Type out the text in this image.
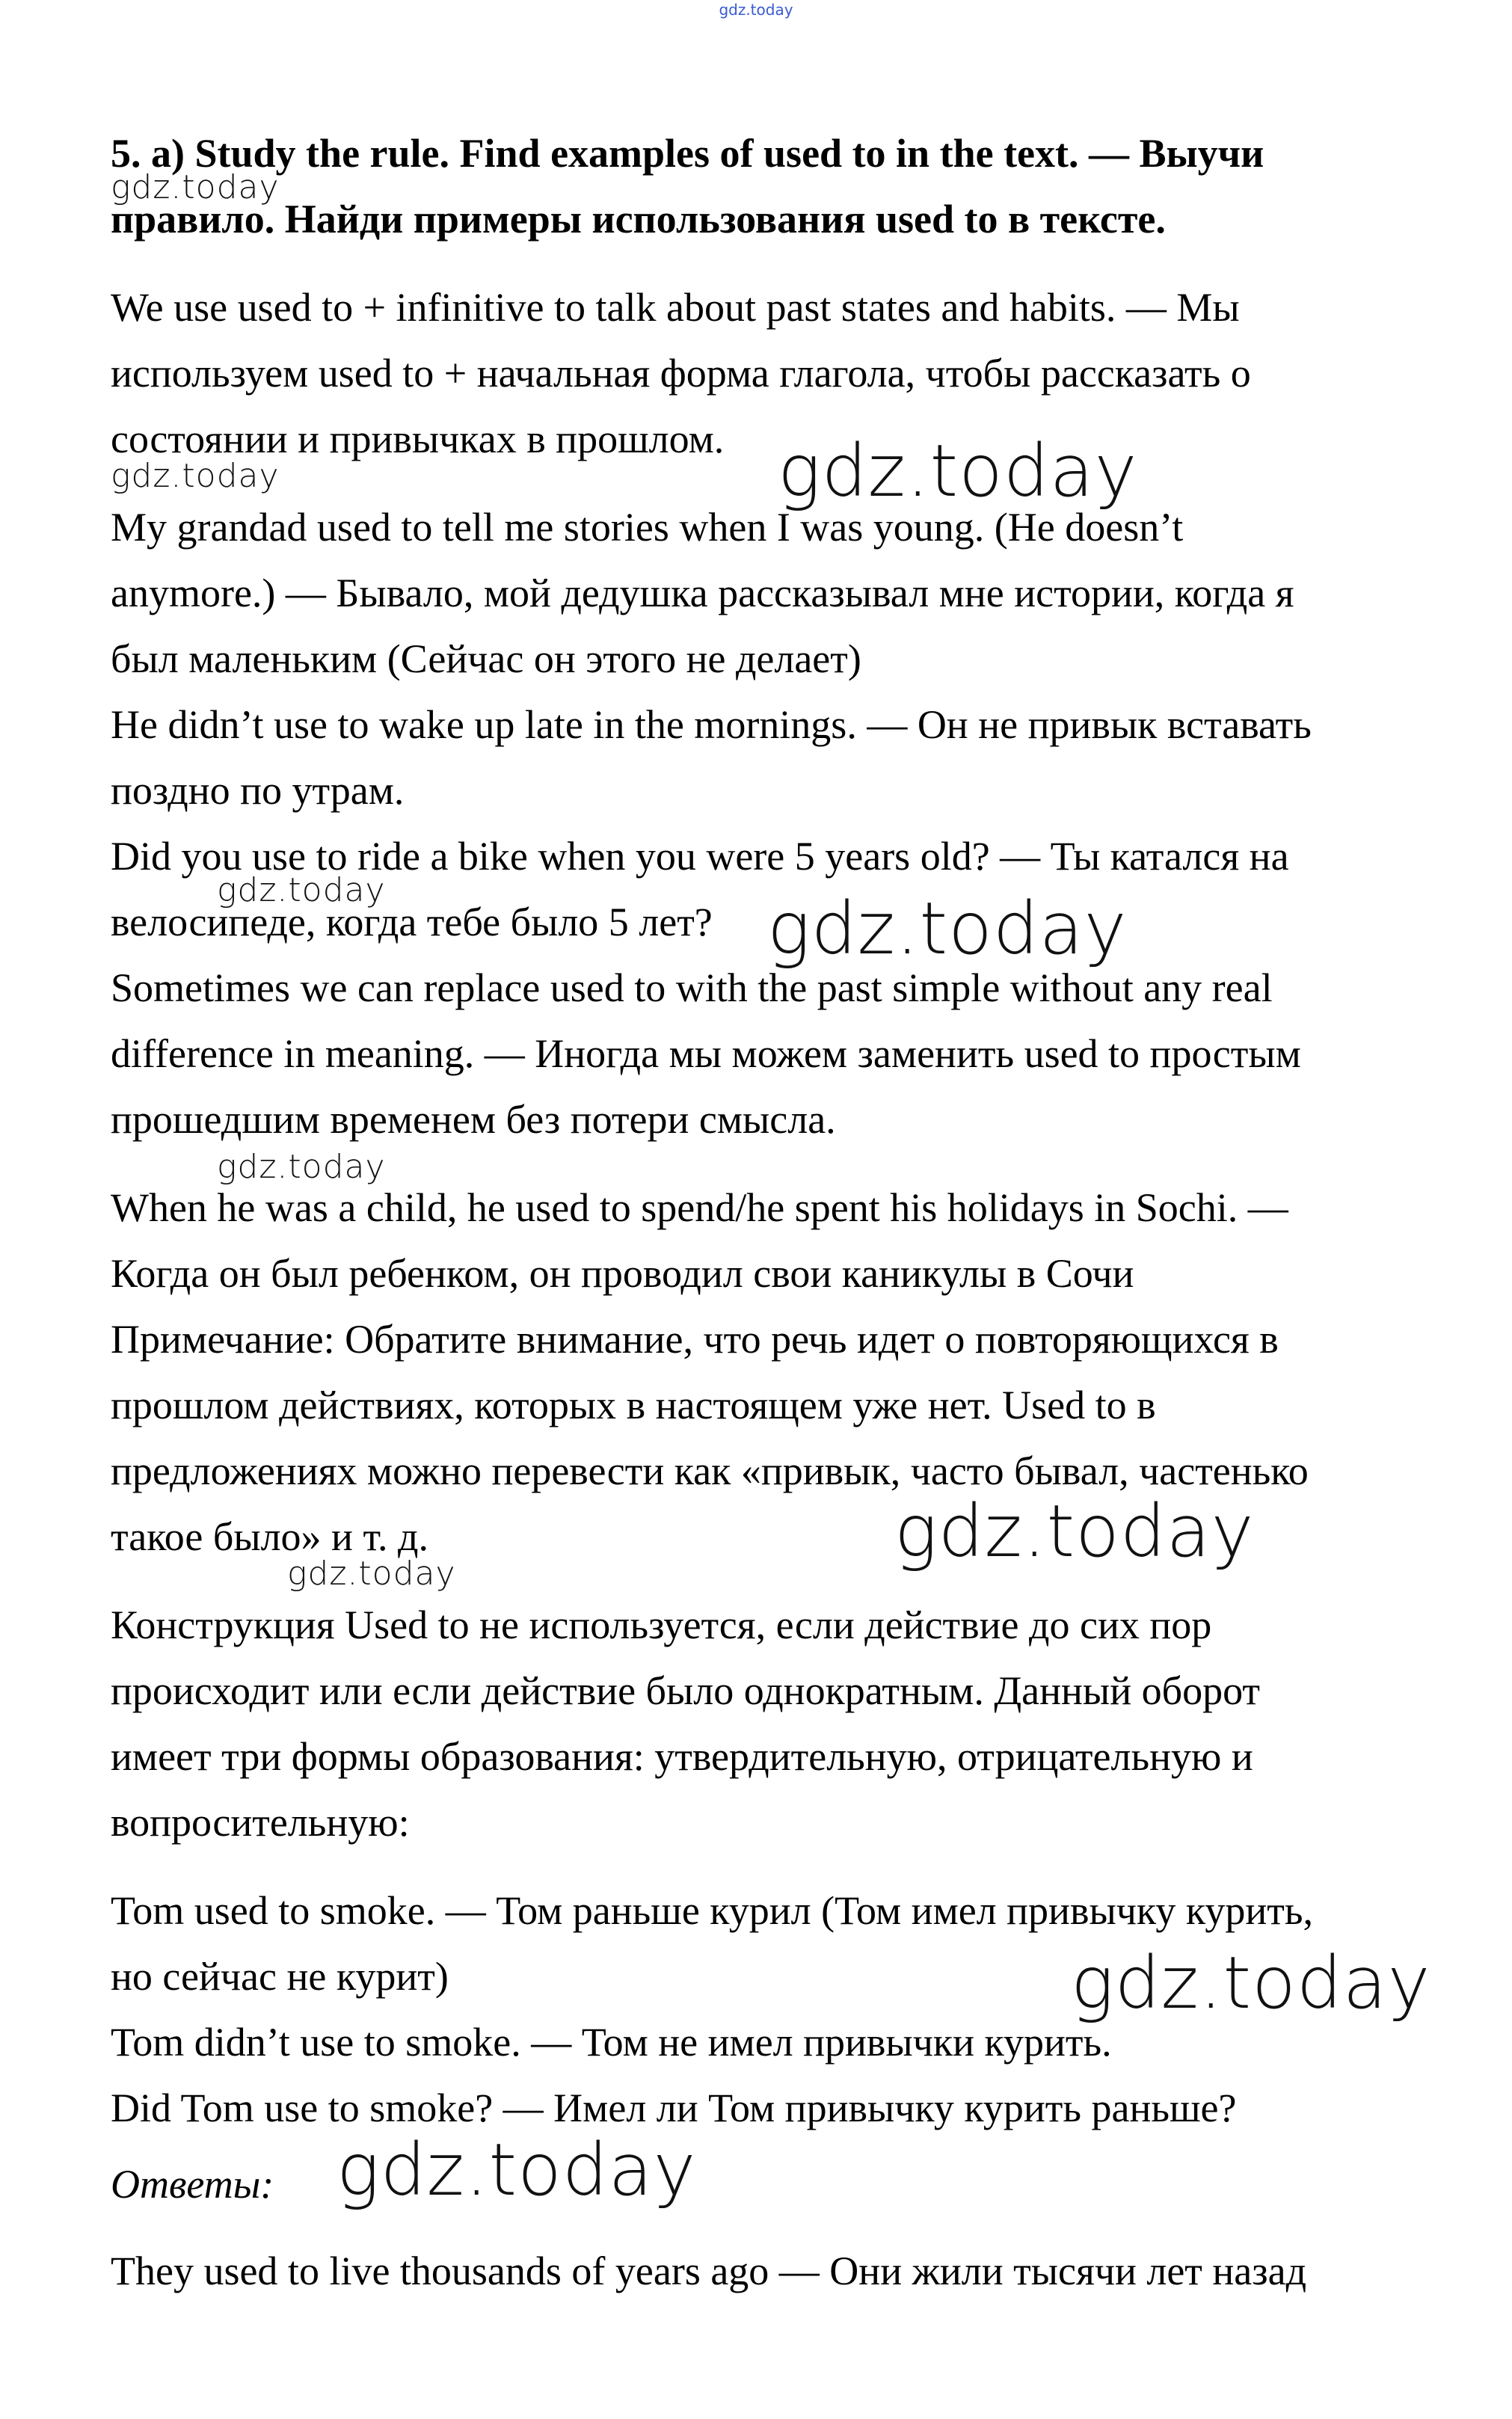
gdz.today
5. a) Study the rule. Find examples of used to in the text. — Выучи
правило. Найди примеры использования used to в тексте.
We use used to + infinitive to talk about past states and habits. — Мы
используем used to + начальная форма глагола, чтобы рассказать о
состоянии и привычках в прошлом.
My grandad used to tell me stories when I was young. (He doesn’t
anymore.) — Бывало, мой дедушка рассказывал мне истории, когда я
был маленьким (Сейчас он этого не делает)
He didn’t use to wake up late in the mornings. — Он не привык вставать
поздно по утрам.
Did you use to ride a bike when you were 5 years old? — Ты катался на
велосипеде, когда тебе было 5 лет?
Sometimes we can replace used to with the past simple without any real
difference in meaning. — Иногда мы можем заменить used to простым
прошедшим временем без потери смысла.
When he was a child, he used to spend/he spent his holidays in Sochi. —
Когда он был ребенком, он проводил свои каникулы в Сочи
Примечание: Обратите внимание, что речь идет о повторяющихся в
прошлом действиях, которых в настоящем уже нет. Used to в
предложениях можно перевести как «привык, часто бывал, частенько
такое было» и т. д.
Конструкция Used to не используется, если действие до сих пор
происходит или если действие было однократным. Данный оборот
имеет три формы образования: утвердительную, отрицательную и
вопросительную:
Tom used to smoke. — Том раньше курил (Том имел привычку курить,
но сейчас не курит)
Tom didn’t use to smoke. — Том не имел привычки курить.
Did Tom use to smoke? — Имел ли Том привычку курить раньше?
Ответы:
They used to live thousands of years ago — Они жили тысячи лет назад
gdz.today
gdz.today	gdz.today
gdz.today	gdz.today
gdz.today
gdz.today
gdz.today
gdz.today
gdz.today
